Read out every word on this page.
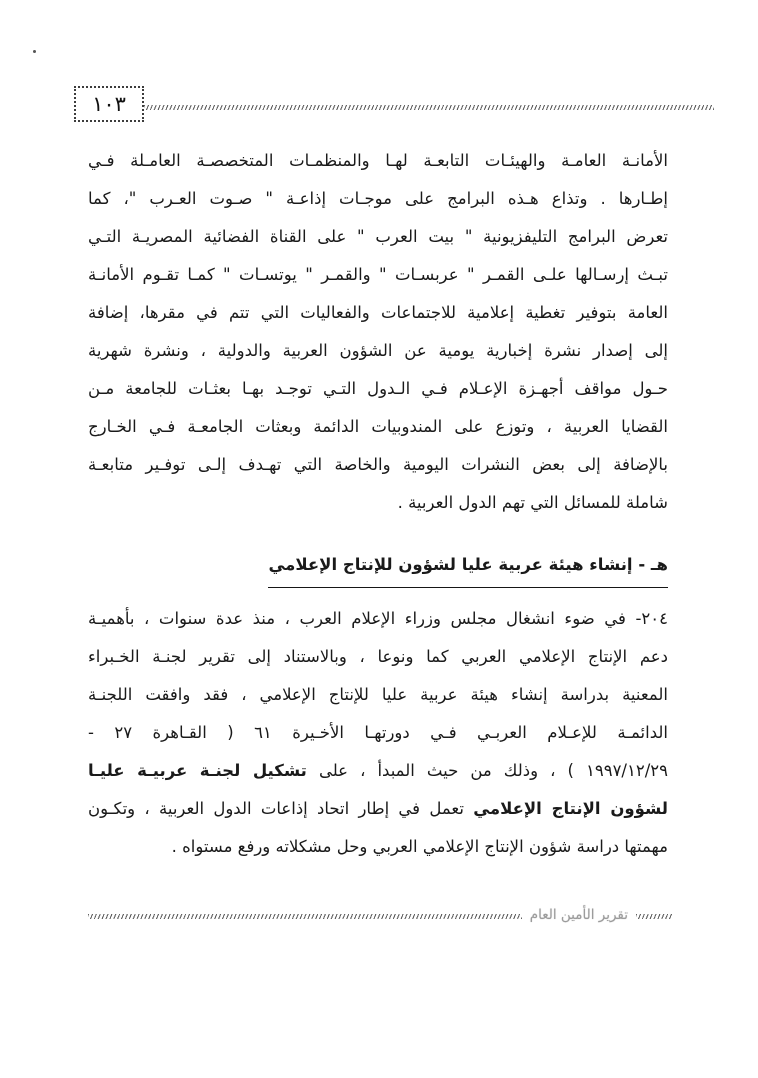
١٠٣
الأمانـة العامـة والهيئـات التابعـة لهـا والمنظمـات المتخصصـة العامـلة فـي
إطـارها . وتذاع هـذه البرامج على موجـات إذاعـة " صـوت العـرب "، كما
تعرض البرامج التليفزيونية " بيت العرب " على القناة الفضائية المصريـة التـي
تبـث إرسـالها علـى القمـر " عربسـات " والقمـر " يوتسـات " كمـا تقـوم الأمانـة
العامة بتوفير تغطية إعلامية للاجتماعات والفعاليات التي تتم في مقرها، إضافة
إلى إصدار نشرة إخبارية يومية عن الشؤون العربية والدولية ، ونشرة شهرية
حـول مواقف أجهـزة الإعـلام فـي الـدول التـي توجـد بهـا بعثـات للجامعة مـن
القضايا العربية ، وتوزع على المندوبيات الدائمة وبعثات الجامعـة فـي الخـارج
بالإضافة إلى بعض النشرات اليومية والخاصة التي تهـدف إلـى توفـير متابعـة
شاملة للمسائل التي تهم الدول العربية .
هـ - إنشاء هيئة عربية عليا لشؤون للإنتاج الإعلامي
٢٠٤- في ضوء انشغال مجلس وزراء الإعلام العرب ، منذ عدة سنوات ، بأهميـة
دعم الإنتاج الإعلامي العربي كما ونوعا ، وبالاستناد إلى تقرير لجنـة الخـبراء
المعنية بدراسة إنشاء هيئة عربية عليا للإنتاج الإعلامي ، فقد وافقت اللجنـة
الدائمـة للإعـلام العربـي فـي دورتهـا الأخـيرة ٦١ ( القـاهرة ٢٧ -
١٩٩٧/١٢/٢٩ ) ، وذلك من حيث المبدأ ، على تشكيل لجنـة عربيـة عليـا
لشؤون الإنتاج الإعلامي تعمل في إطار اتحاد إذاعات الدول العربية ، وتكـون
مهمتها دراسة شؤون الإنتاج الإعلامي العربي وحل مشكلاته ورفع مستواه .
تقرير الأمين العام
